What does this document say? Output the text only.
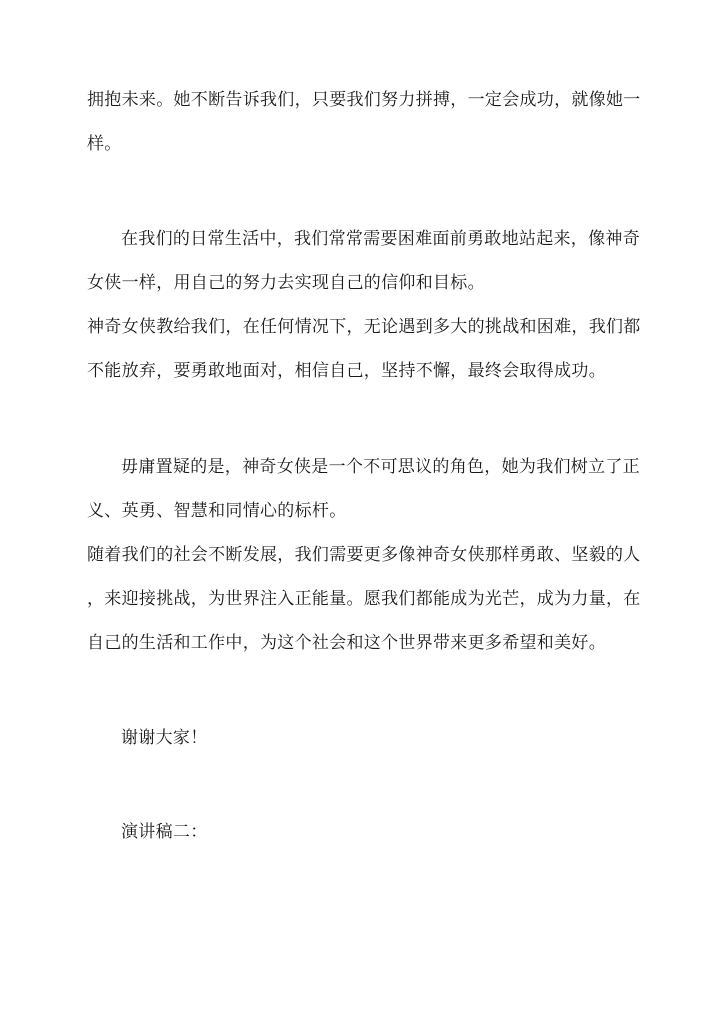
拥抱未来。她不断告诉我们，只要我们努力拼搏，一定会成功，就像她一
样。
在我们的日常生活中，我们常常需要困难面前勇敢地站起来，像神奇
女侠一样，用自己的努力去实现自己的信仰和目标。
神奇女侠教给我们，在任何情况下，无论遇到多大的挑战和困难，我们都
不能放弃，要勇敢地面对，相信自己，坚持不懈，最终会取得成功。
毋庸置疑的是，神奇女侠是一个不可思议的角色，她为我们树立了正
义、英勇、智慧和同情心的标杆。
随着我们的社会不断发展，我们需要更多像神奇女侠那样勇敢、坚毅的人
，来迎接挑战，为世界注入正能量。愿我们都能成为光芒，成为力量，在
自己的生活和工作中，为这个社会和这个世界带来更多希望和美好。
谢谢大家！
演讲稿二：
